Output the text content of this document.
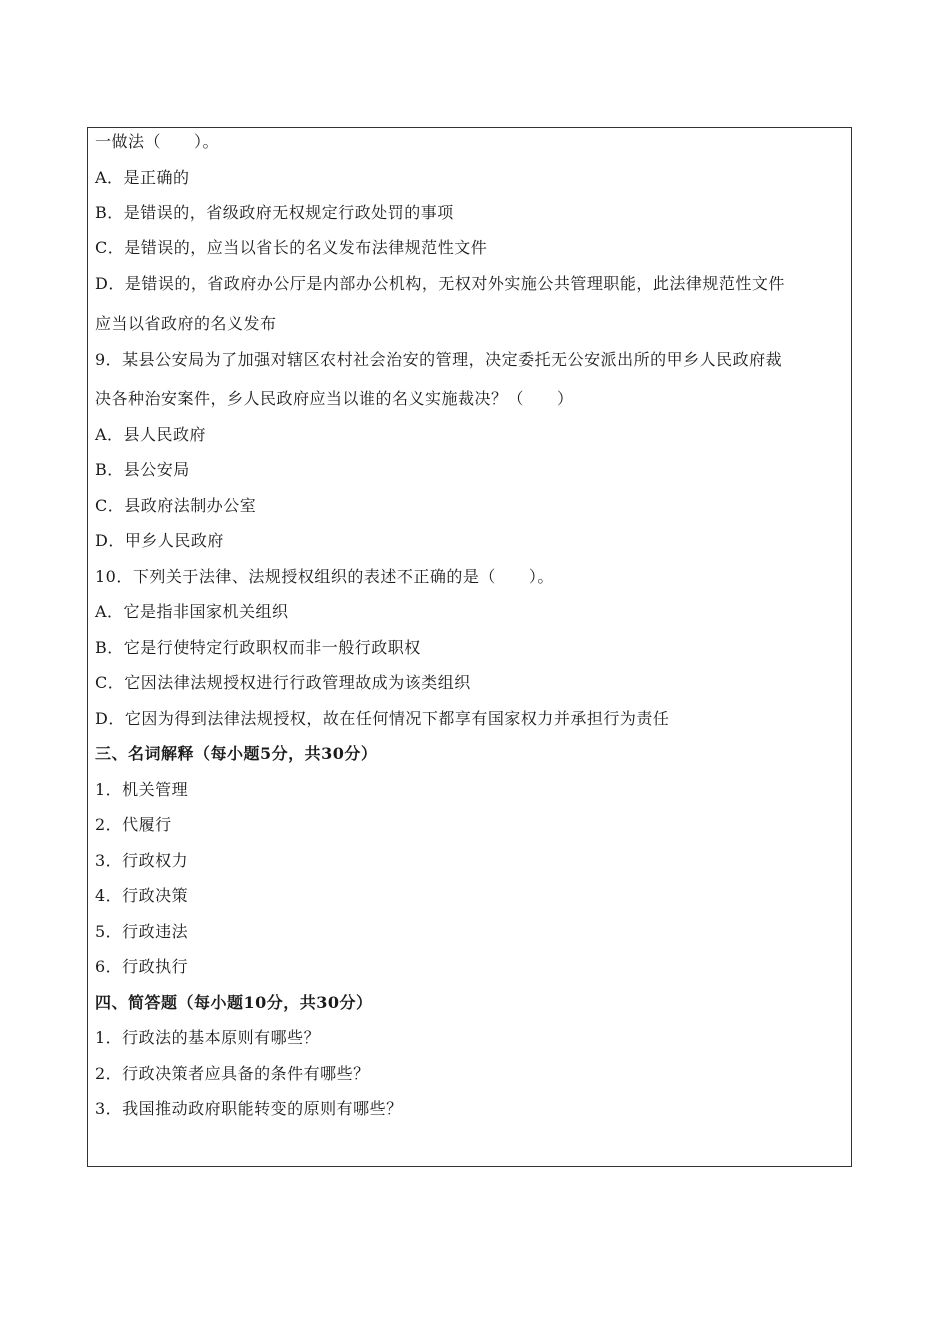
一做法（　　）。
A．是正确的
B．是错误的，省级政府无权规定行政处罚的事项
C．是错误的，应当以省长的名义发布法律规范性文件
D．是错误的，省政府办公厅是内部办公机构，无权对外实施公共管理职能，此法律规范性文件
应当以省政府的名义发布
9．某县公安局为了加强对辖区农村社会治安的管理，决定委托无公安派出所的甲乡人民政府裁
决各种治安案件，乡人民政府应当以谁的名义实施裁决？（　　）
A．县人民政府
B．县公安局
C．县政府法制办公室
D．甲乡人民政府
10．下列关于法律、法规授权组织的表述不正确的是（　　）。
A．它是指非国家机关组织
B．它是行使特定行政职权而非一般行政职权
C．它因法律法规授权进行行政管理故成为该类组织
D．它因为得到法律法规授权，故在任何情况下都享有国家权力并承担行为责任
三、名词解释（每小题5分，共30分）
1．机关管理
2．代履行
3．行政权力
4．行政决策
5．行政违法
6．行政执行
四、简答题（每小题10分，共30分）
1．行政法的基本原则有哪些？
2．行政决策者应具备的条件有哪些？
3．我国推动政府职能转变的原则有哪些？
